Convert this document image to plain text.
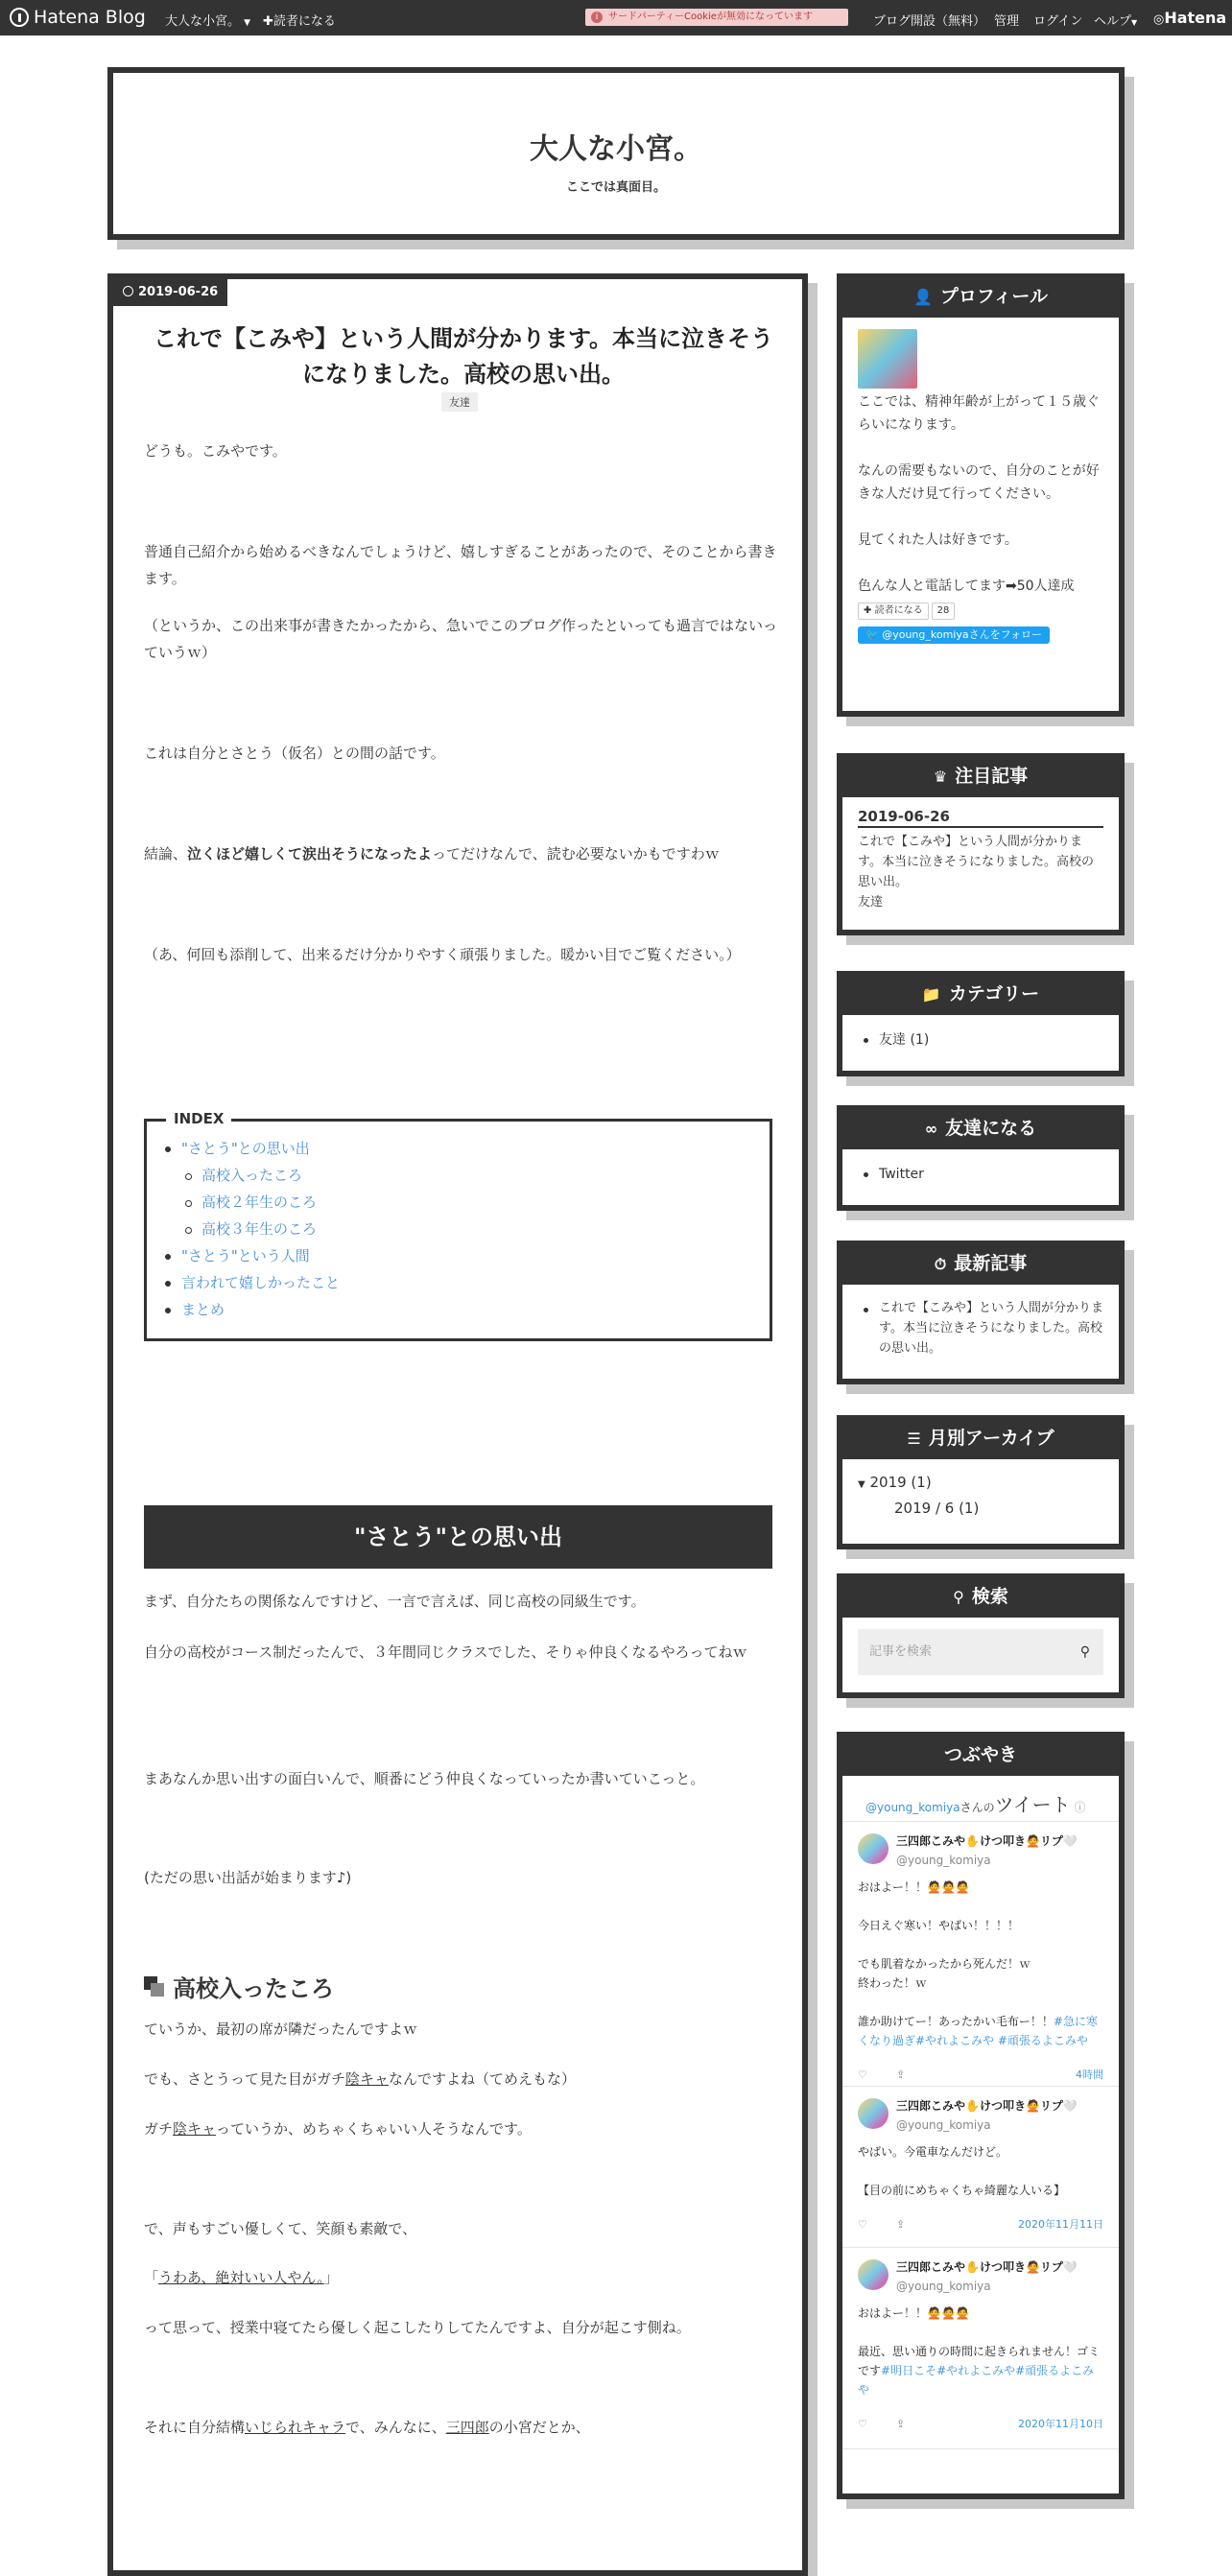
Hatena Blog 大人な小宮。 ▼ ✚読者になる	i サードパーティーCookieが無効になっています	ブログ開設（無料） 管理 ログイン ヘルプ▼ ◎Hatena
大人な小宮。

ここでは真面目。

2019-06-26
これで【こみや】という人間が分かります。本当に泣きそうになりました。高校の思い出。
友達
どうも。こみやです。
普通自己紹介から始めるべきなんでしょうけど、嬉しすぎることがあったので、そのことから書きます。
（というか、この出来事が書きたかったから、急いでこのブログ作ったといっても過言ではないっていうｗ）
これは自分とさとう（仮名）との間の話です。
結論、泣くほど嬉しくて涙出そうになったよってだけなんで、読む必要ないかもですわｗ
（あ、何回も添削して、出来るだけ分かりやすく頑張りました。暖かい目でご覧ください。）
INDEX
"さとう"との思い出
高校入ったころ
高校２年生のころ
高校３年生のころ
"さとう"という人間
言われて嬉しかったこと
まとめ
"さとう"との思い出
まず、自分たちの関係なんですけど、一言で言えば、同じ高校の同級生です。
自分の高校がコース制だったんで、３年間同じクラスでした、そりゃ仲良くなるやろってねｗ
まあなんか思い出すの面白いんで、順番にどう仲良くなっていったか書いていこっと。
(ただの思い出話が始まります♪)
高校入ったころ
ていうか、最初の席が隣だったんですよｗ
でも、さとうって見た目がガチ陰キャなんですよね（てめえもな）
ガチ陰キャっていうか、めちゃくちゃいい人そうなんです。
で、声もすごい優しくて、笑顔も素敵で、
「うわあ、絶対いい人やん。」
って思って、授業中寝てたら優しく起こしたりしてたんですよ、自分が起こす側ね。
それに自分結構いじられキャラで、みんなに、三四郎の小宮だとか、
👤 プロフィール
ここでは、精神年齢が上がって１５歳ぐらいになります。
なんの需要もないので、自分のことが好きな人だけ見て行ってください。
見てくれた人は好きです。
色んな人と電話してます➡50人達成
✚ 読者になる 28
🐦 @young_komiyaさんをフォロー
♛ 注目記事
2019-06-26
これで【こみや】という人間が分かります。本当に泣きそうになりました。高校の思い出。
友達
📁 カテゴリー
友達 (1)
∞ 友達になる
Twitter
⏱ 最新記事
これで【こみや】という人間が分かります。本当に泣きそうになりました。高校の思い出。
☰ 月別アーカイブ
▼ 2019 (1)
2019 / 6 (1)
⚲ 検索
記事を検索	⚲
つぶやき
@young_komiyaさんのツイート ⓘ
三四郎こみや✋けつ叩き🙅リプ🤍
@young_komiya
おはよー！！🙅🙅🙅

今日えぐ寒い！やばい！！！！

でも肌着なかったから死んだ！ｗ
終わった！ｗ

誰か助けてー！あったかい毛布ー！！#急に寒くなり過ぎ#やれよこみや #頑張るよこみや
♡	⇪	4時間
三四郎こみや✋けつ叩き🙅リプ🤍
@young_komiya
やばい。今電車なんだけど。

【目の前にめちゃくちゃ綺麗な人いる】
♡	⇪	2020年11月11日
三四郎こみや✋けつ叩き🙅リプ🤍
@young_komiya
おはよー！！🙅🙅🙅

最近、思い通りの時間に起きられません！ゴミです#明日こそ#やれよこみや#頑張るよこみや
♡	⇪	2020年11月10日
